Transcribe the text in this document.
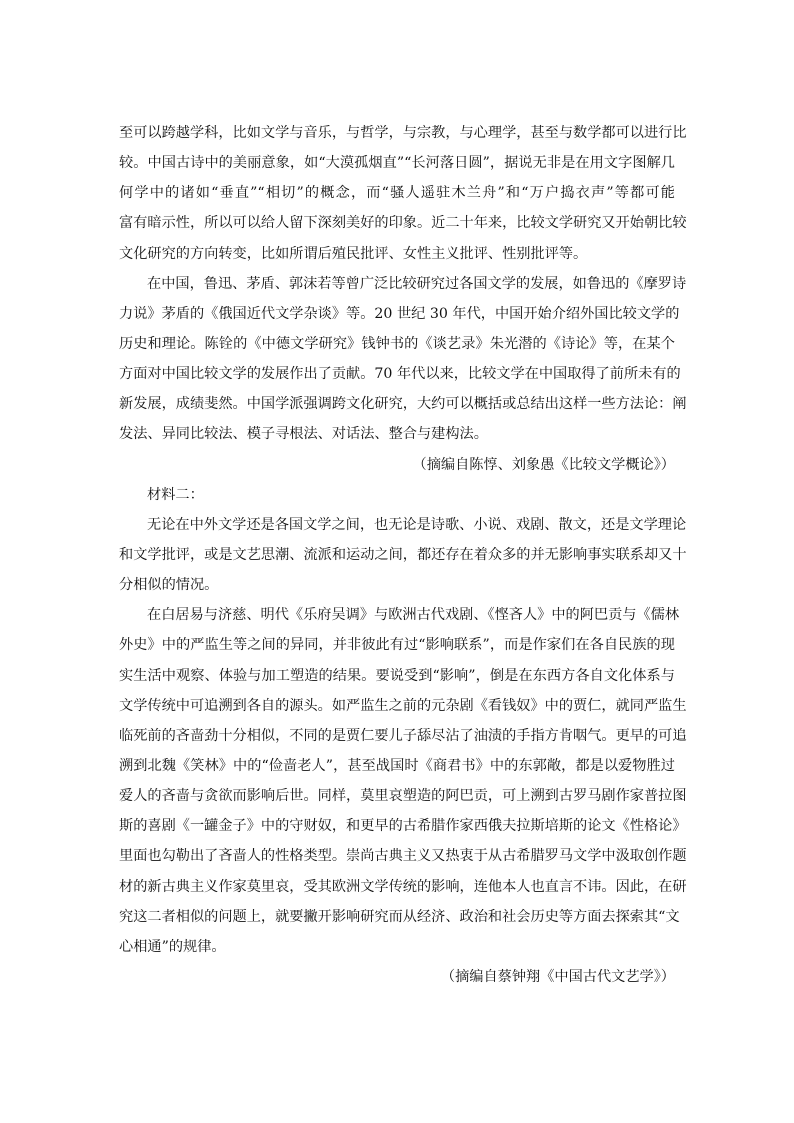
至可以跨越学科，比如文学与音乐，与哲学，与宗教，与心理学，甚至与数学都可以进行比
较。中国古诗中的美丽意象，如“大漠孤烟直”“长河落日圆”，据说无非是在用文字图解几
何学中的诸如“垂直”“相切”的概念，而“骚人遥驻木兰舟”和“万户捣衣声”等都可能
富有暗示性，所以可以给人留下深刻美好的印象。近二十年来，比较文学研究又开始朝比较
文化研究的方向转变，比如所谓后殖民批评、女性主义批评、性别批评等。
在中国，鲁迅、茅盾、郭沫若等曾广泛比较研究过各国文学的发展，如鲁迅的《摩罗诗
力说》茅盾的《俄国近代文学杂谈》等。20 世纪 30 年代，中国开始介绍外国比较文学的
历史和理论。陈铨的《中德文学研究》钱钟书的《谈艺录》朱光潜的《诗论》等，在某个
方面对中国比较文学的发展作出了贡献。70 年代以来，比较文学在中国取得了前所未有的
新发展，成绩斐然。中国学派强调跨文化研究，大约可以概括或总结出这样一些方法论：阐
发法、异同比较法、模子寻根法、对话法、整合与建构法。
（摘编自陈惇、刘象愚《比较文学概论》）
材料二：
无论在中外文学还是各国文学之间，也无论是诗歌、小说、戏剧、散文，还是文学理论
和文学批评，或是文艺思潮、流派和运动之间，都还存在着众多的并无影响事实联系却又十
分相似的情况。
在白居易与济慈、明代《乐府吴调》与欧洲古代戏剧、《悭吝人》中的阿巴贡与《儒林
外史》中的严监生等之间的异同，并非彼此有过“影响联系”，而是作家们在各自民族的现
实生活中观察、体验与加工塑造的结果。要说受到“影响”，倒是在东西方各自文化体系与
文学传统中可追溯到各自的源头。如严监生之前的元杂剧《看钱奴》中的贾仁，就同严监生
临死前的吝啬劲十分相似，不同的是贾仁要儿子舔尽沾了油渍的手指方肯咽气。更早的可追
溯到北魏《笑林》中的“俭啬老人”，甚至战国时《商君书》中的东郭敞，都是以爱物胜过
爱人的吝啬与贪欲而影响后世。同样，莫里哀塑造的阿巴贡，可上溯到古罗马剧作家普拉图
斯的喜剧《一罐金子》中的守财奴，和更早的古希腊作家西俄夫拉斯培斯的论文《性格论》
里面也勾勒出了吝啬人的性格类型。崇尚古典主义又热衷于从古希腊罗马文学中汲取创作题
材的新古典主义作家莫里哀，受其欧洲文学传统的影响，连他本人也直言不讳。因此，在研
究这二者相似的问题上，就要撇开影响研究而从经济、政治和社会历史等方面去探索其“文
心相通”的规律。
（摘编自蔡钟翔《中国古代文艺学》）
